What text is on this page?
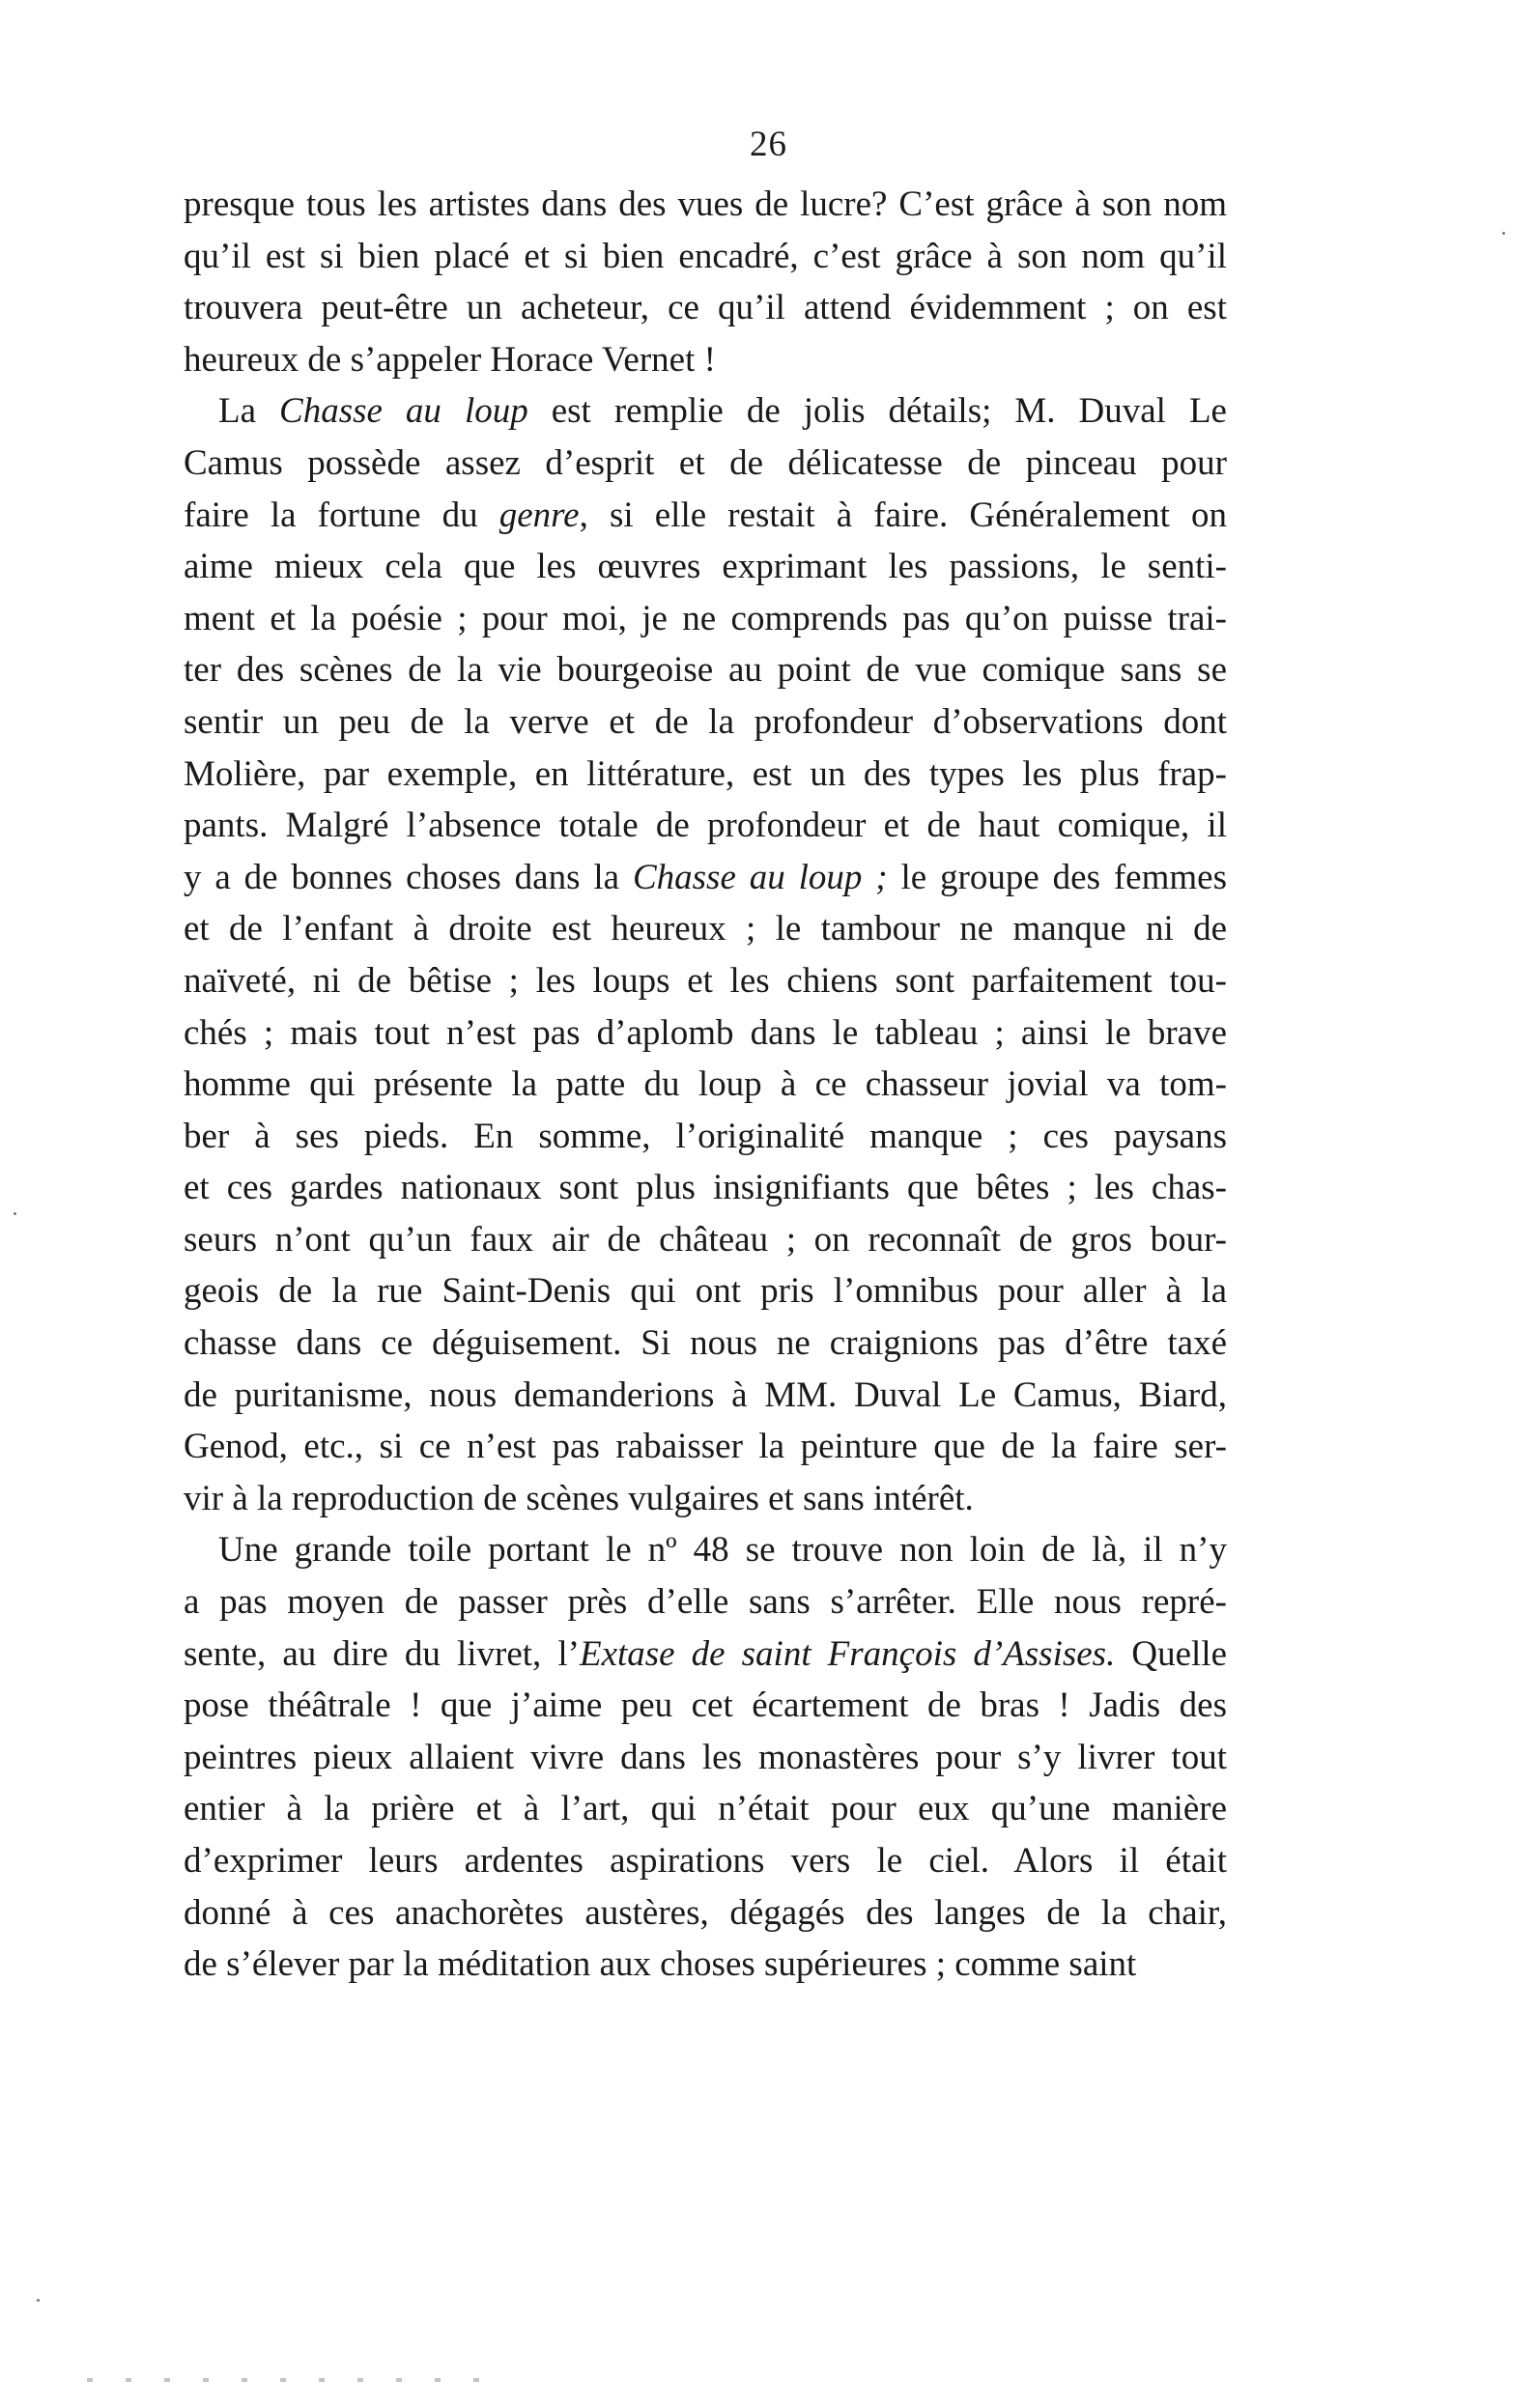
26
presque tous les artistes dans des vues de lucre? C’est grâce à son nom
qu’il est si bien placé et si bien encadré, c’est grâce à son nom qu’il
trouvera peut-être un acheteur, ce qu’il attend évidemment ; on est
heureux de s’appeler Horace Vernet !
La Chasse au loup est remplie de jolis détails; M. Duval Le
Camus possède assez d’esprit et de délicatesse de pinceau pour
faire la fortune du genre, si elle restait à faire. Généralement on
aime mieux cela que les œuvres exprimant les passions, le senti-
ment et la poésie ; pour moi, je ne comprends pas qu’on puisse trai-
ter des scènes de la vie bourgeoise au point de vue comique sans se
sentir un peu de la verve et de la profondeur d’observations dont
Molière, par exemple, en littérature, est un des types les plus frap-
pants. Malgré l’absence totale de profondeur et de haut comique, il
y a de bonnes choses dans la Chasse au loup ; le groupe des femmes
et de l’enfant à droite est heureux ; le tambour ne manque ni de
naïveté, ni de bêtise ; les loups et les chiens sont parfaitement tou-
chés ; mais tout n’est pas d’aplomb dans le tableau ; ainsi le brave
homme qui présente la patte du loup à ce chasseur jovial va tom-
ber à ses pieds. En somme, l’originalité manque ; ces paysans
et ces gardes nationaux sont plus insignifiants que bêtes ; les chas-
seurs n’ont qu’un faux air de château ; on reconnaît de gros bour-
geois de la rue Saint-Denis qui ont pris l’omnibus pour aller à la
chasse dans ce déguisement. Si nous ne craignions pas d’être taxé
de puritanisme, nous demanderions à MM. Duval Le Camus, Biard,
Genod, etc., si ce n’est pas rabaisser la peinture que de la faire ser-
vir à la reproduction de scènes vulgaires et sans intérêt.
Une grande toile portant le nº 48 se trouve non loin de là, il n’y
a pas moyen de passer près d’elle sans s’arrêter. Elle nous repré-
sente, au dire du livret, l’Extase de saint François d’Assises. Quelle
pose théâtrale ! que j’aime peu cet écartement de bras ! Jadis des
peintres pieux allaient vivre dans les monastères pour s’y livrer tout
entier à la prière et à l’art, qui n’était pour eux qu’une manière
d’exprimer leurs ardentes aspirations vers le ciel. Alors il était
donné à ces anachorètes austères, dégagés des langes de la chair,
de s’élever par la méditation aux choses supérieures ; comme saint
